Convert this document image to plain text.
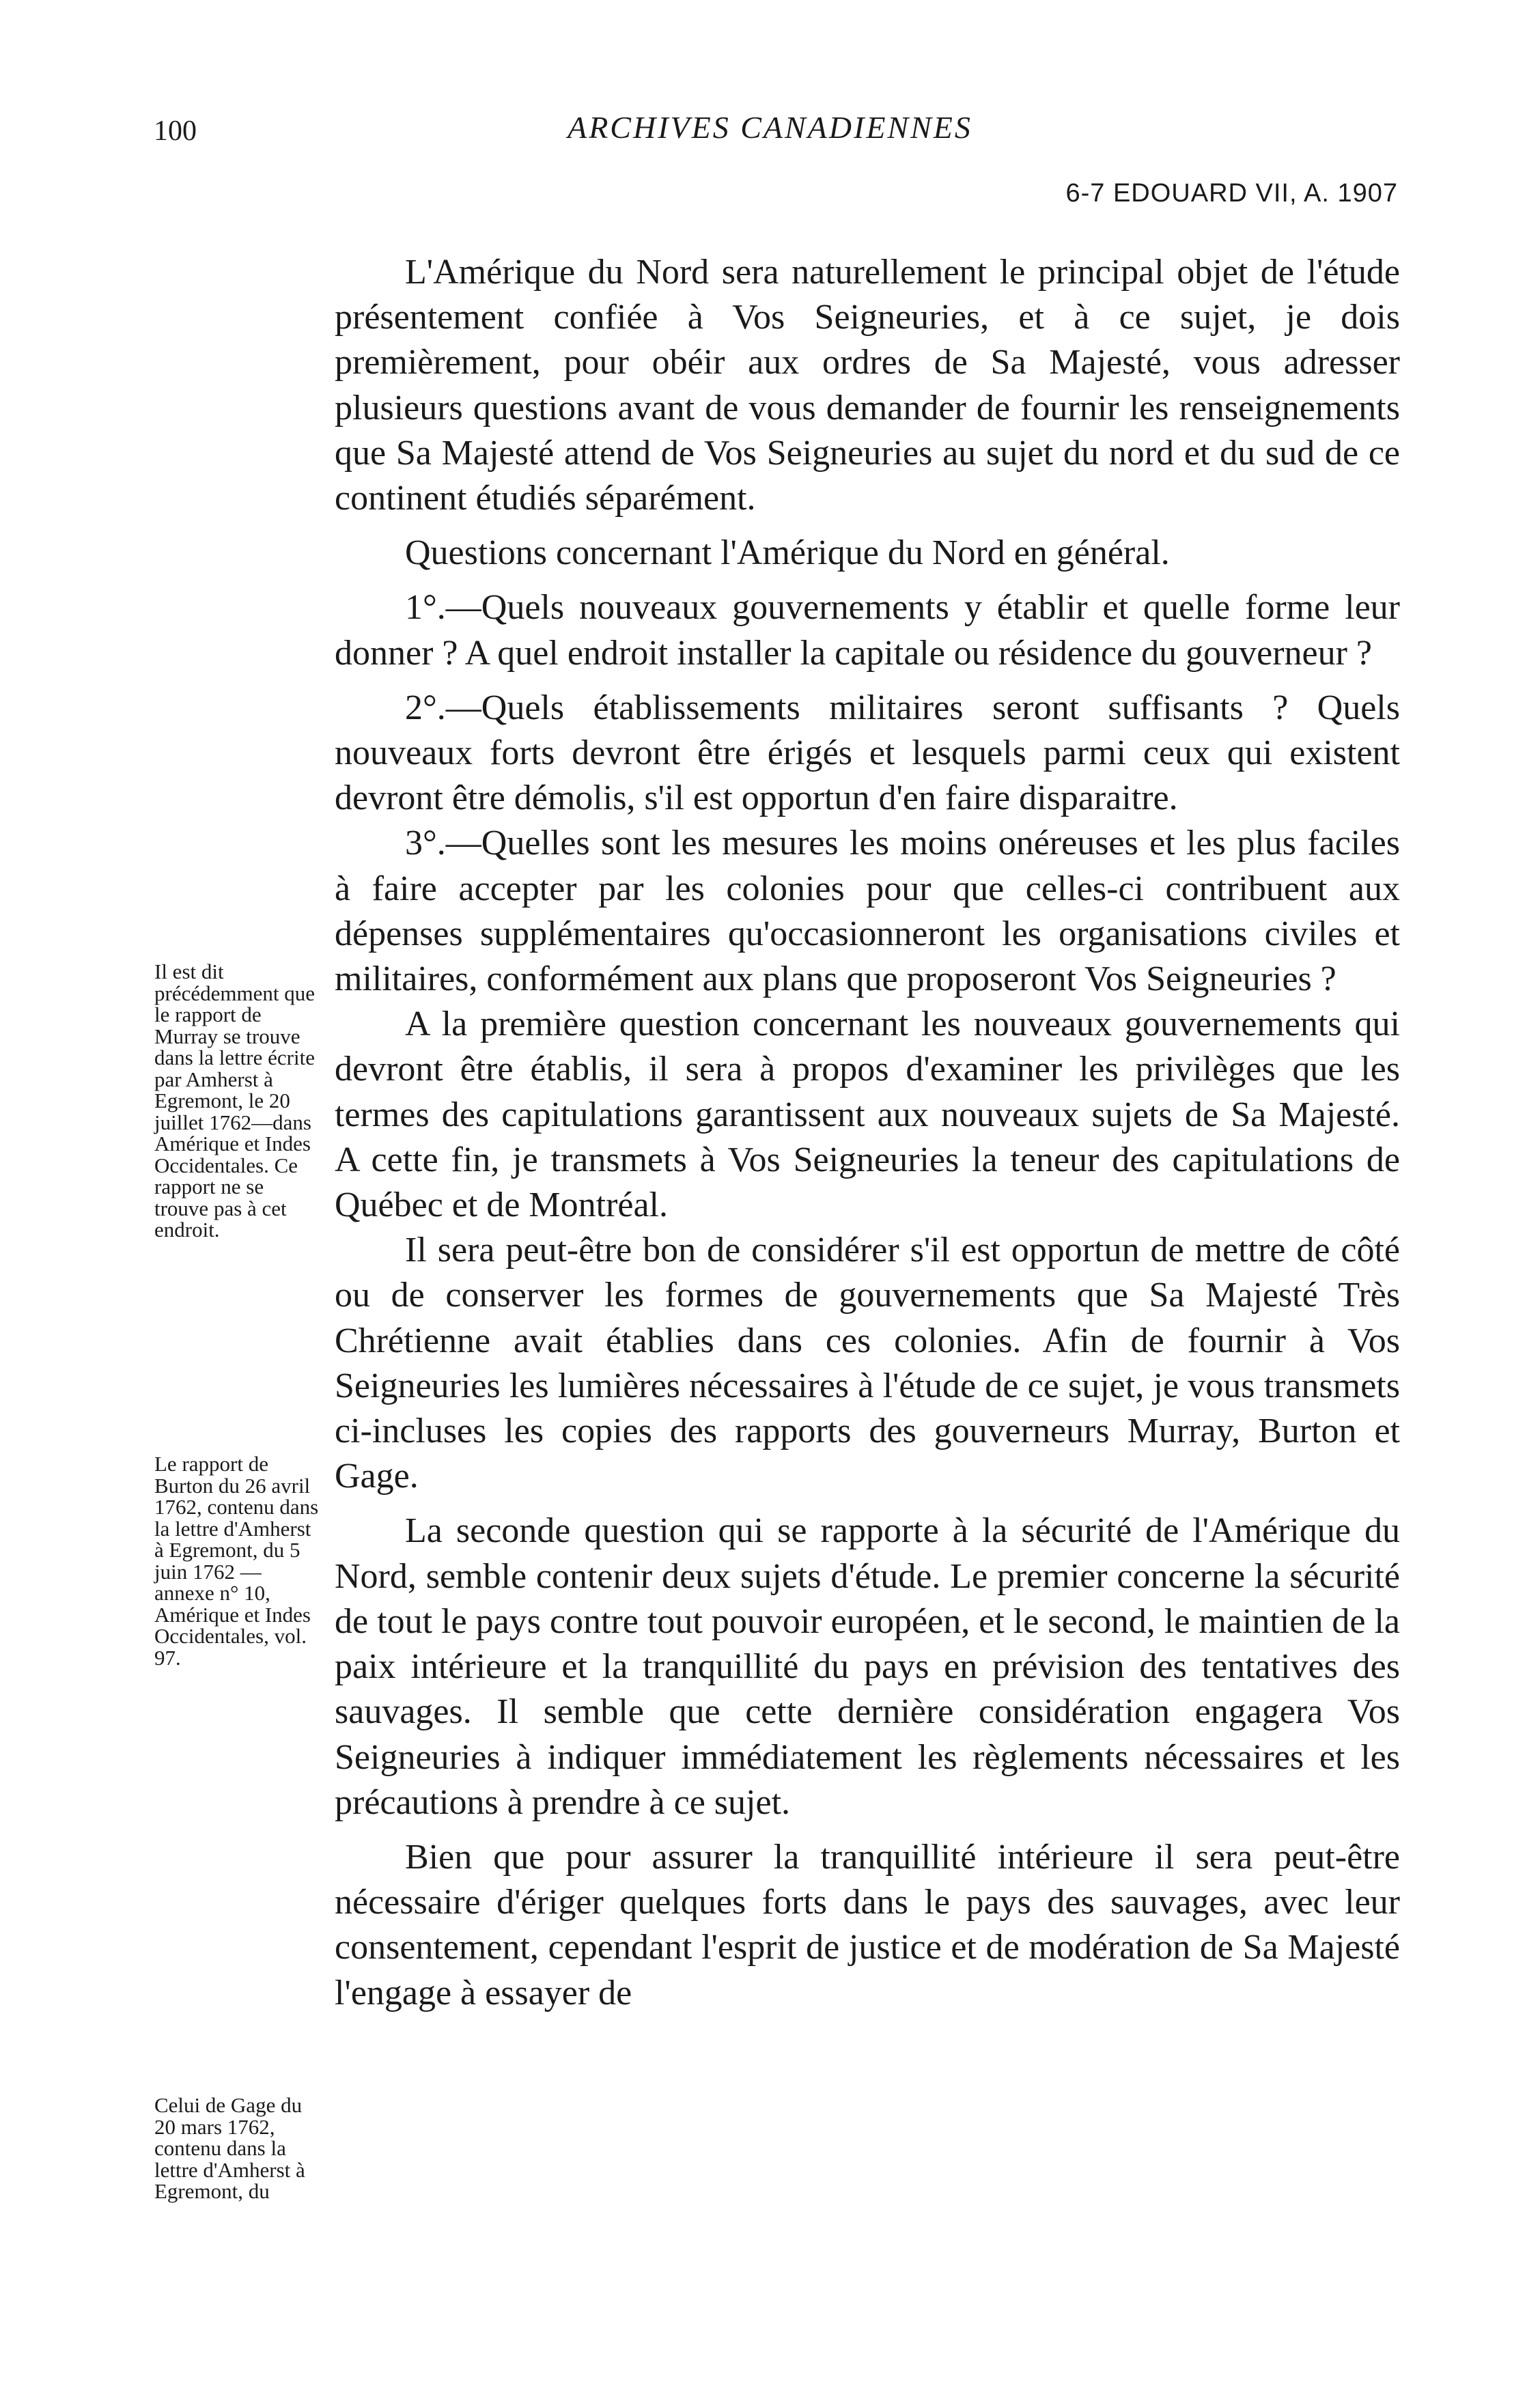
100	ARCHIVES CANADIENNES
6-7 EDOUARD VII, A. 1907

L'Amérique du Nord sera naturellement le principal objet de l'étude présentement confiée à Vos Seigneuries, et à ce sujet, je dois premièrement, pour obéir aux ordres de Sa Majesté, vous adresser plusieurs questions avant de vous demander de fournir les renseignements que Sa Majesté attend de Vos Seigneuries au sujet du nord et du sud de ce continent étudiés séparément.

Questions concernant l'Amérique du Nord en général.

1°.—Quels nouveaux gouvernements y établir et quelle forme leur donner ? A quel endroit installer la capitale ou résidence du gouverneur ?

2°.—Quels établissements militaires seront suffisants ? Quels nouveaux forts devront être érigés et lesquels parmi ceux qui existent devront être démolis, s'il est opportun d'en faire disparaitre.

3°.—Quelles sont les mesures les moins onéreuses et les plus faciles à faire accepter par les colonies pour que celles-ci contribuent aux dépenses supplémentaires qu'occasionneront les organisations civiles et militaires, conformément aux plans que proposeront Vos Seigneuries ?

A la première question concernant les nouveaux gouvernements qui devront être établis, il sera à propos d'examiner les privilèges que les termes des capitulations garantissent aux nouveaux sujets de Sa Majesté. A cette fin, je transmets à Vos Seigneuries la teneur des capitulations de Québec et de Montréal.

Il sera peut-être bon de considérer s'il est opportun de mettre de côté ou de conserver les formes de gouvernements que Sa Majesté Très Chrétienne avait établies dans ces colonies. Afin de fournir à Vos Seigneuries les lumières nécessaires à l'étude de ce sujet, je vous transmets ci-incluses les copies des rapports des gouverneurs Murray, Burton et Gage.

La seconde question qui se rapporte à la sécurité de l'Amérique du Nord, semble contenir deux sujets d'étude. Le premier concerne la sécurité de tout le pays contre tout pouvoir européen, et le second, le maintien de la paix intérieure et la tranquillité du pays en prévision des tentatives des sauvages. Il semble que cette dernière considération engagera Vos Seigneuries à indiquer immédiatement les règlements nécessaires et les précautions à prendre à ce sujet.

Bien que pour assurer la tranquillité intérieure il sera peut-être nécessaire d'ériger quelques forts dans le pays des sauvages, avec leur consentement, cependant l'esprit de justice et de modération de Sa Majesté l'engage à essayer de

Il est dit précédemment que le rapport de Murray se trouve dans la lettre écrite par Amherst à Egremont, le 20 juillet 1762—dans Amérique et Indes Occidentales. Ce rapport ne se trouve pas à cet endroit.

Le rapport de Burton du 26 avril 1762, contenu dans la lettre d'Amherst à Egremont, du 5 juin 1762 —annexe n° 10, Amérique et Indes Occidentales, vol. 97.

Celui de Gage du 20 mars 1762, contenu dans la lettre d'Amherst à Egremont, du
